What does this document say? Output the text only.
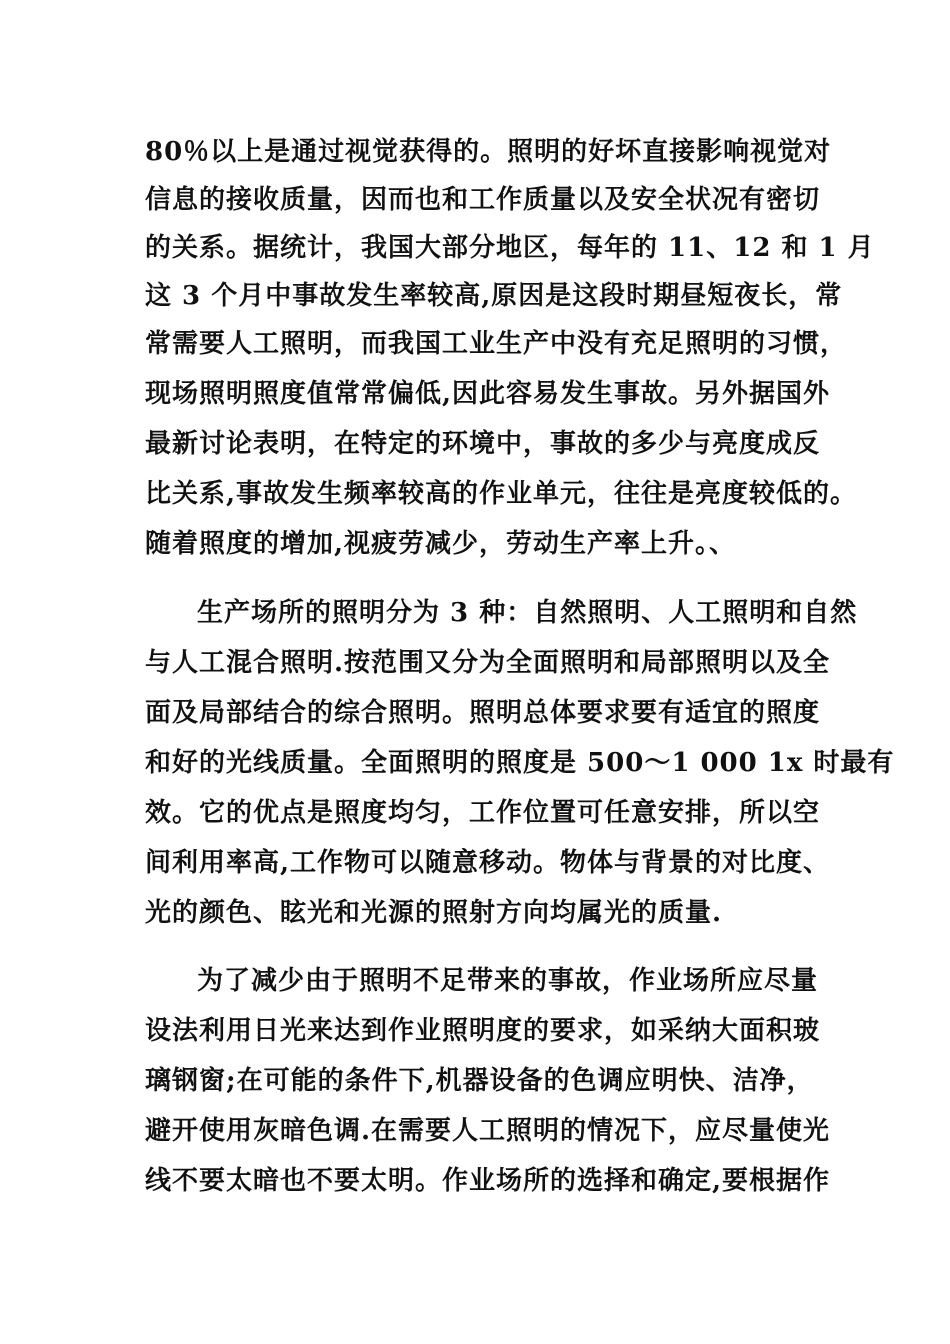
80％以上是通过视觉获得的。照明的好坏直接影响视觉对
信息的接收质量，因而也和工作质量以及安全状况有密切
的关系。据统计，我国大部分地区，每年的 11、12 和 1 月
这 3 个月中事故发生率较高,原因是这段时期昼短夜长，常
常需要人工照明，而我国工业生产中没有充足照明的习惯，
现场照明照度值常常偏低,因此容易发生事故。另外据国外
最新讨论表明，在特定的环境中，事故的多少与亮度成反
比关系,事故发生频率较高的作业单元，往往是亮度较低的。
随着照度的增加,视疲劳减少，劳动生产率上升。、
生产场所的照明分为 3 种：自然照明、人工照明和自然
与人工混合照明.按范围又分为全面照明和局部照明以及全
面及局部结合的综合照明。照明总体要求要有适宜的照度
和好的光线质量。全面照明的照度是 500～1 000 1x 时最有
效。它的优点是照度均匀，工作位置可任意安排，所以空
间利用率高,工作物可以随意移动。物体与背景的对比度、
光的颜色、眩光和光源的照射方向均属光的质量.
为了减少由于照明不足带来的事故，作业场所应尽量
设法利用日光来达到作业照明度的要求，如采纳大面积玻
璃钢窗;在可能的条件下,机器设备的色调应明快、洁净，
避开使用灰暗色调.在需要人工照明的情况下，应尽量使光
线不要太暗也不要太明。作业场所的选择和确定,要根据作
